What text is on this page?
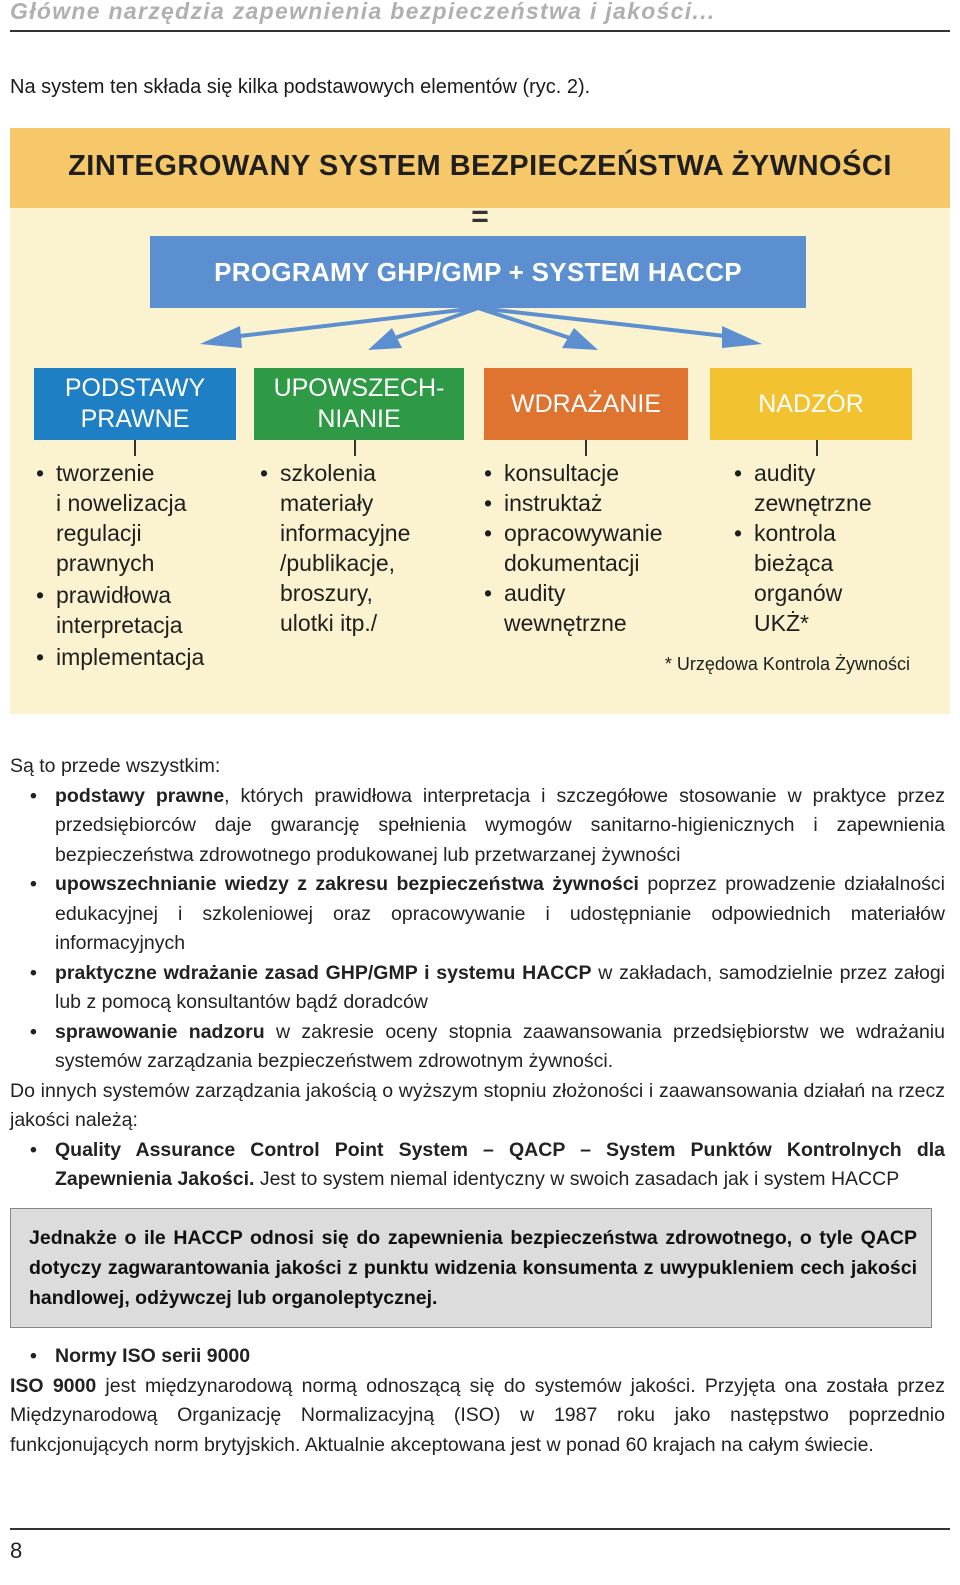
Główne narzędzia zapewnienia bezpieczeństwa i jakości...
Na system ten składa się kilka podstawowych elementów (ryc. 2).
ZINTEGROWANY SYSTEM BEZPIECZEŃSTWA ŻYWNOŚCI
=
PROGRAMY GHP/GMP + SYSTEM HACCP
PODSTAWY
PRAWNE
UPOWSZECH-
NIANIE
WDRAŻANIE	NADZÓR
• tworzenie
i nowelizacja
regulacji
prawnych
• prawidłowa
interpretacja
• implementacja
• szkolenia
materiały
informacyjne
/publikacje,
broszury,
ulotki itp./
• konsultacje
• instruktaż
• opracowywanie
dokumentacji
• audity
wewnętrzne
• audity
zewnętrzne
• kontrola
bieżąca
organów
UKŻ*
* Urzędowa Kontrola Żywności

Są to przede wszystkim:

• podstawy prawne, których prawidłowa interpretacja i szczegółowe stosowanie w praktyce przez przedsiębiorców daje gwarancję spełnienia wymogów sanitarno-higienicznych i zapewnienia bezpieczeństwa zdrowotnego produkowanej lub przetwarzanej żywności
• upowszechnianie wiedzy z zakresu bezpieczeństwa żywności poprzez prowadzenie działalności edukacyjnej i szkoleniowej oraz opracowywanie i udostępnianie odpowiednich materiałów informacyjnych
• praktyczne wdrażanie zasad GHP/GMP i systemu HACCP w zakładach, samodzielnie przez załogi lub z pomocą konsultantów bądź doradców
• sprawowanie nadzoru w zakresie oceny stopnia zaawansowania przedsiębiorstw we wdrażaniu systemów zarządzania bezpieczeństwem zdrowotnym żywności.

Do innych systemów zarządzania jakością o wyższym stopniu złożoności i zaawansowania działań na rzecz jakości należą:

• Quality Assurance Control Point System – QACP – System Punktów Kontrolnych dla Zapewnienia Jakości. Jest to system niemal identyczny w swoich zasadach jak i system HACCP

Jednakże o ile HACCP odnosi się do zapewnienia bezpieczeństwa zdrowotnego, o tyle QACP dotyczy zagwarantowania jakości z punktu widzenia konsumenta z uwypukleniem cech jakości handlowej, odżywczej lub organoleptycznej.

• Normy ISO serii 9000

ISO 9000 jest międzynarodową normą odnoszącą się do systemów jakości. Przyjęta ona została przez Międzynarodową Organizację Normalizacyjną (ISO) w 1987 roku jako następstwo poprzednio funkcjonujących norm brytyjskich. Aktualnie akceptowana jest w ponad 60 krajach na całym świecie.

8
